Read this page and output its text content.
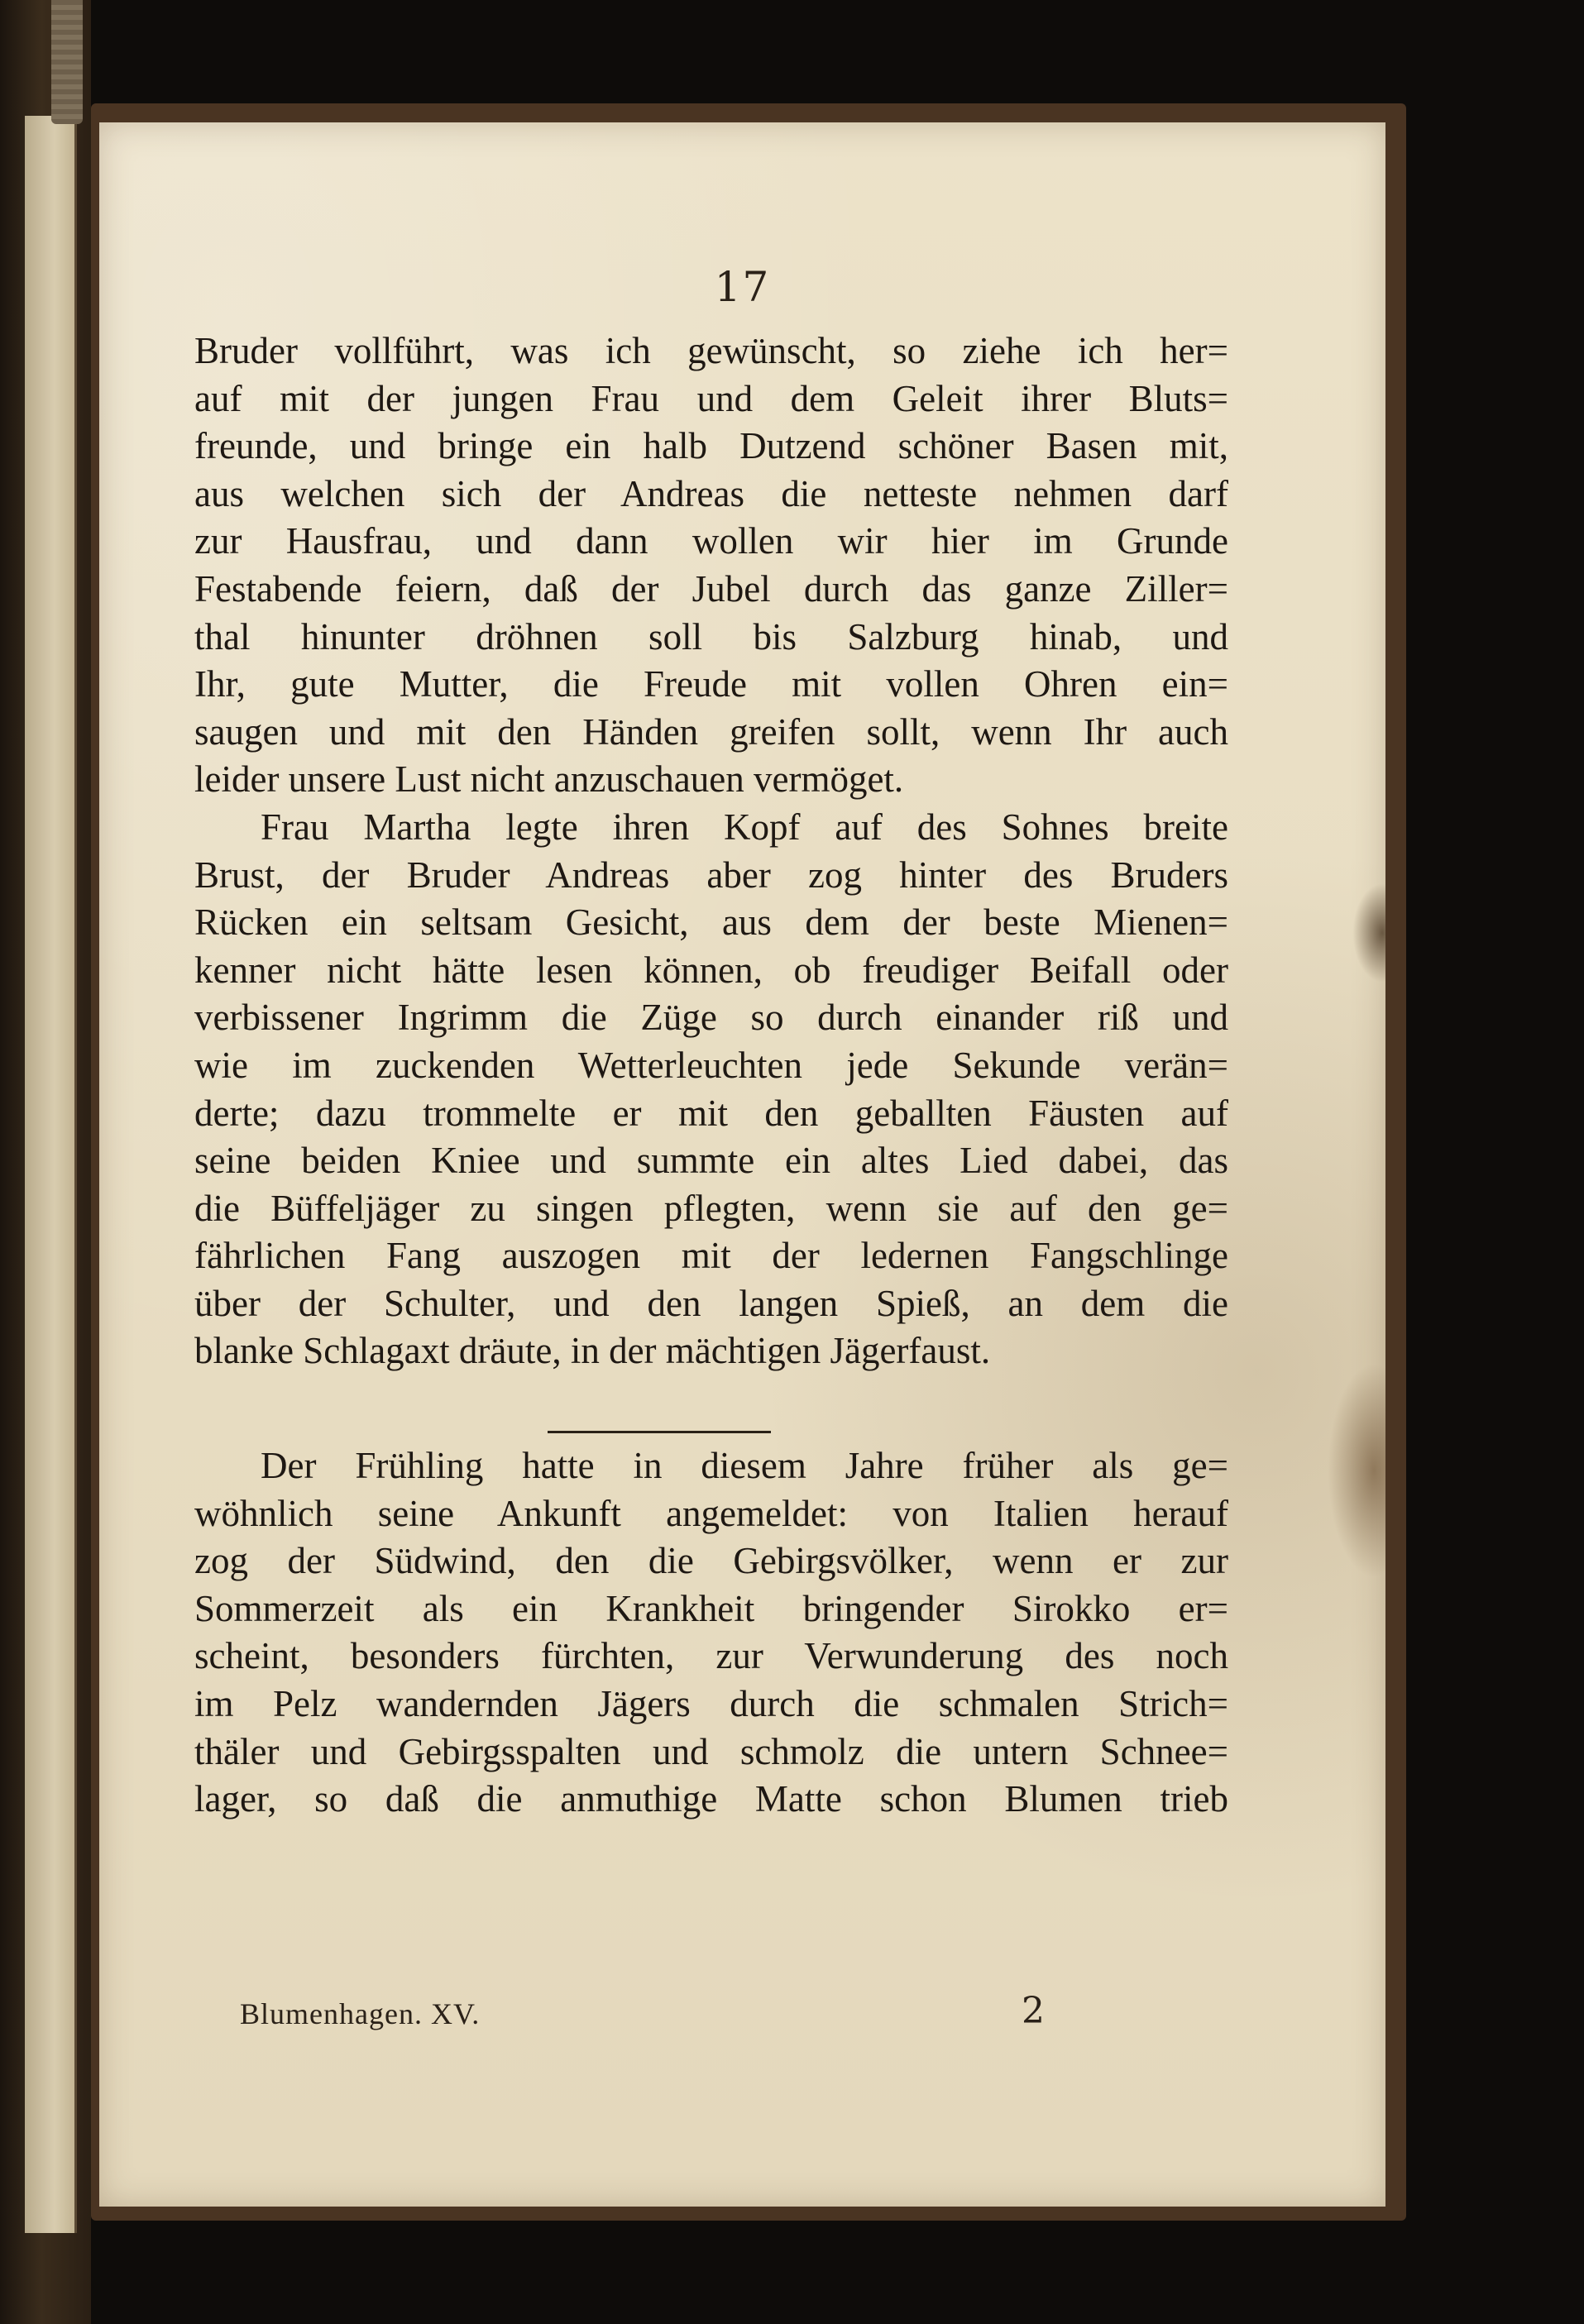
17
Bruder vollführt, was ich gewünscht, so ziehe ich her=
auf mit der jungen Frau und dem Geleit ihrer Bluts=
freunde, und bringe ein halb Dutzend schöner Basen mit,
aus welchen sich der Andreas die netteste nehmen darf
zur Hausfrau, und dann wollen wir hier im Grunde
Festabende feiern, daß der Jubel durch das ganze Ziller=
thal hinunter dröhnen soll bis Salzburg hinab, und
Ihr, gute Mutter, die Freude mit vollen Ohren ein=
saugen und mit den Händen greifen sollt, wenn Ihr auch
leider unsere Lust nicht anzuschauen vermöget.
Frau Martha legte ihren Kopf auf des Sohnes breite
Brust, der Bruder Andreas aber zog hinter des Bruders
Rücken ein seltsam Gesicht, aus dem der beste Mienen=
kenner nicht hätte lesen können, ob freudiger Beifall oder
verbissener Ingrimm die Züge so durch einander riß und
wie im zuckenden Wetterleuchten jede Sekunde verän=
derte; dazu trommelte er mit den geballten Fäusten auf
seine beiden Kniee und summte ein altes Lied dabei, das
die Büffeljäger zu singen pflegten, wenn sie auf den ge=
fährlichen Fang auszogen mit der ledernen Fangschlinge
über der Schulter, und den langen Spieß, an dem die
blanke Schlagaxt dräute, in der mächtigen Jägerfaust.
Der Frühling hatte in diesem Jahre früher als ge=
wöhnlich seine Ankunft angemeldet: von Italien herauf
zog der Südwind, den die Gebirgsvölker, wenn er zur
Sommerzeit als ein Krankheit bringender Sirokko er=
scheint, besonders fürchten, zur Verwunderung des noch
im Pelz wandernden Jägers durch die schmalen Strich=
thäler und Gebirgsspalten und schmolz die untern Schnee=
lager, so daß die anmuthige Matte schon Blumen trieb
Blumenhagen. XV.	2
